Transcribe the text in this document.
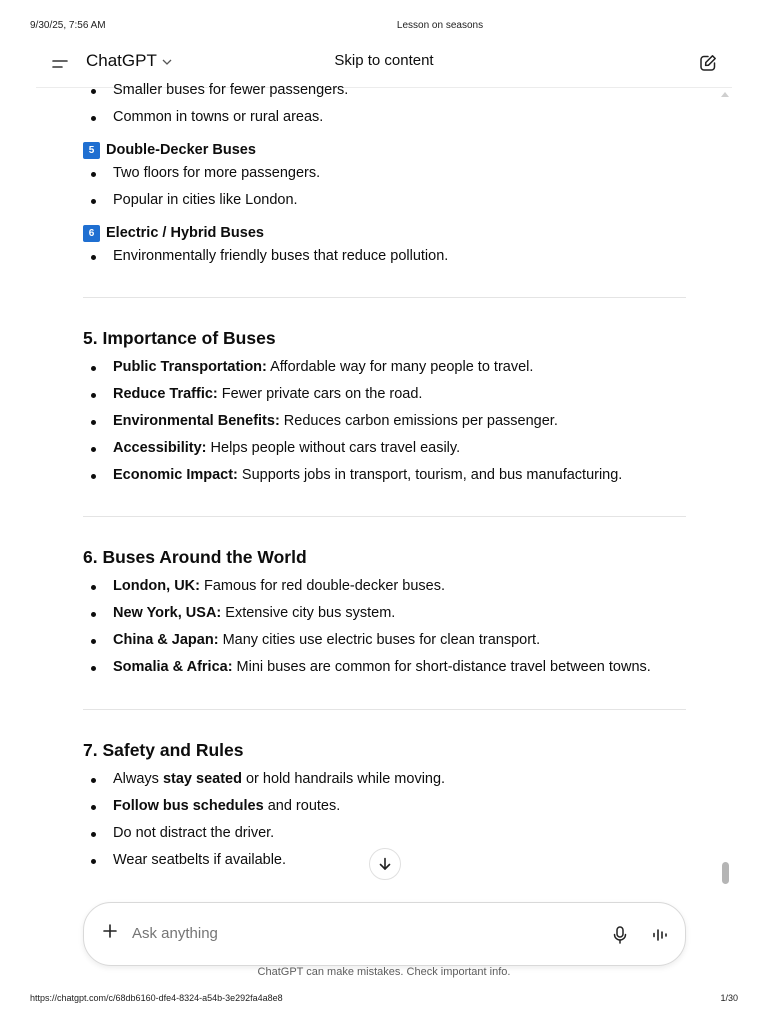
9/30/25, 7:56 AM	Lesson on seasons
ChatGPT	Skip to content
Smaller buses for fewer passengers.
Common in towns or rural areas.
5 Double-Decker Buses
Two floors for more passengers.
Popular in cities like London.
6 Electric / Hybrid Buses
Environmentally friendly buses that reduce pollution.
5. Importance of Buses
Public Transportation: Affordable way for many people to travel.
Reduce Traffic: Fewer private cars on the road.
Environmental Benefits: Reduces carbon emissions per passenger.
Accessibility: Helps people without cars travel easily.
Economic Impact: Supports jobs in transport, tourism, and bus manufacturing.
6. Buses Around the World
London, UK: Famous for red double-decker buses.
New York, USA: Extensive city bus system.
China & Japan: Many cities use electric buses for clean transport.
Somalia & Africa: Mini buses are common for short-distance travel between towns.
7. Safety and Rules
Always stay seated or hold handrails while moving.
Follow bus schedules and routes.
Do not distract the driver.
Wear seatbelts if available.
Ask anything
ChatGPT can make mistakes. Check important info.
https://chatgpt.com/c/68db6160-dfe4-8324-a54b-3e292fa4a8e8	1/30
